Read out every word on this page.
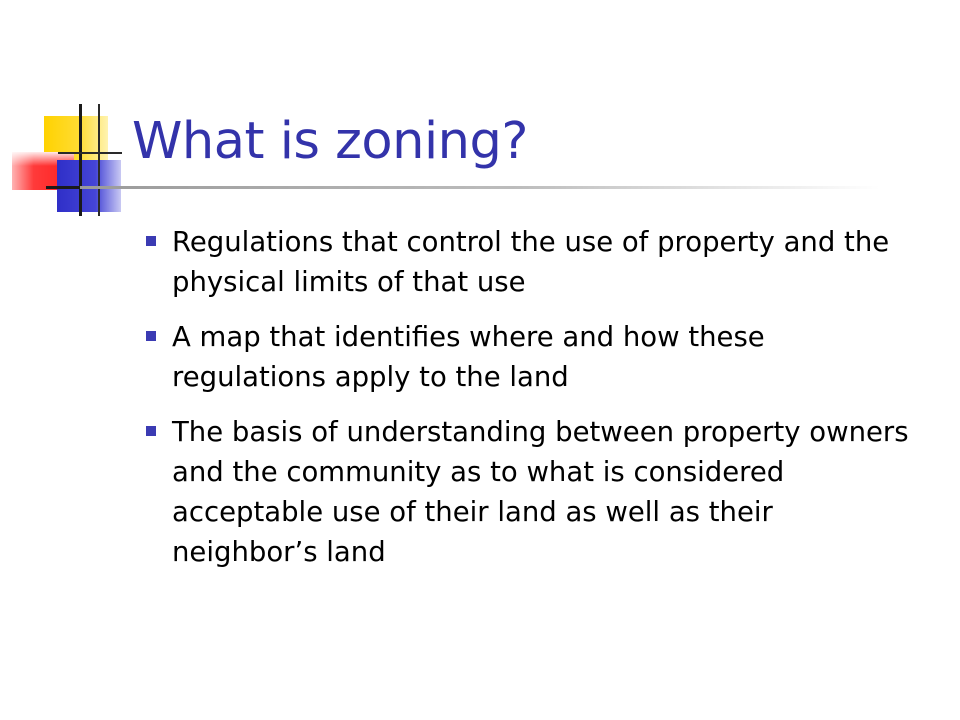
What is zoning?
Regulations that control the use of property and the physical limits of that use
A map that identifies where and how these regulations apply to the land
The basis of understanding between property owners and the community as to what is considered acceptable use of their land as well as their neighbor’s land
